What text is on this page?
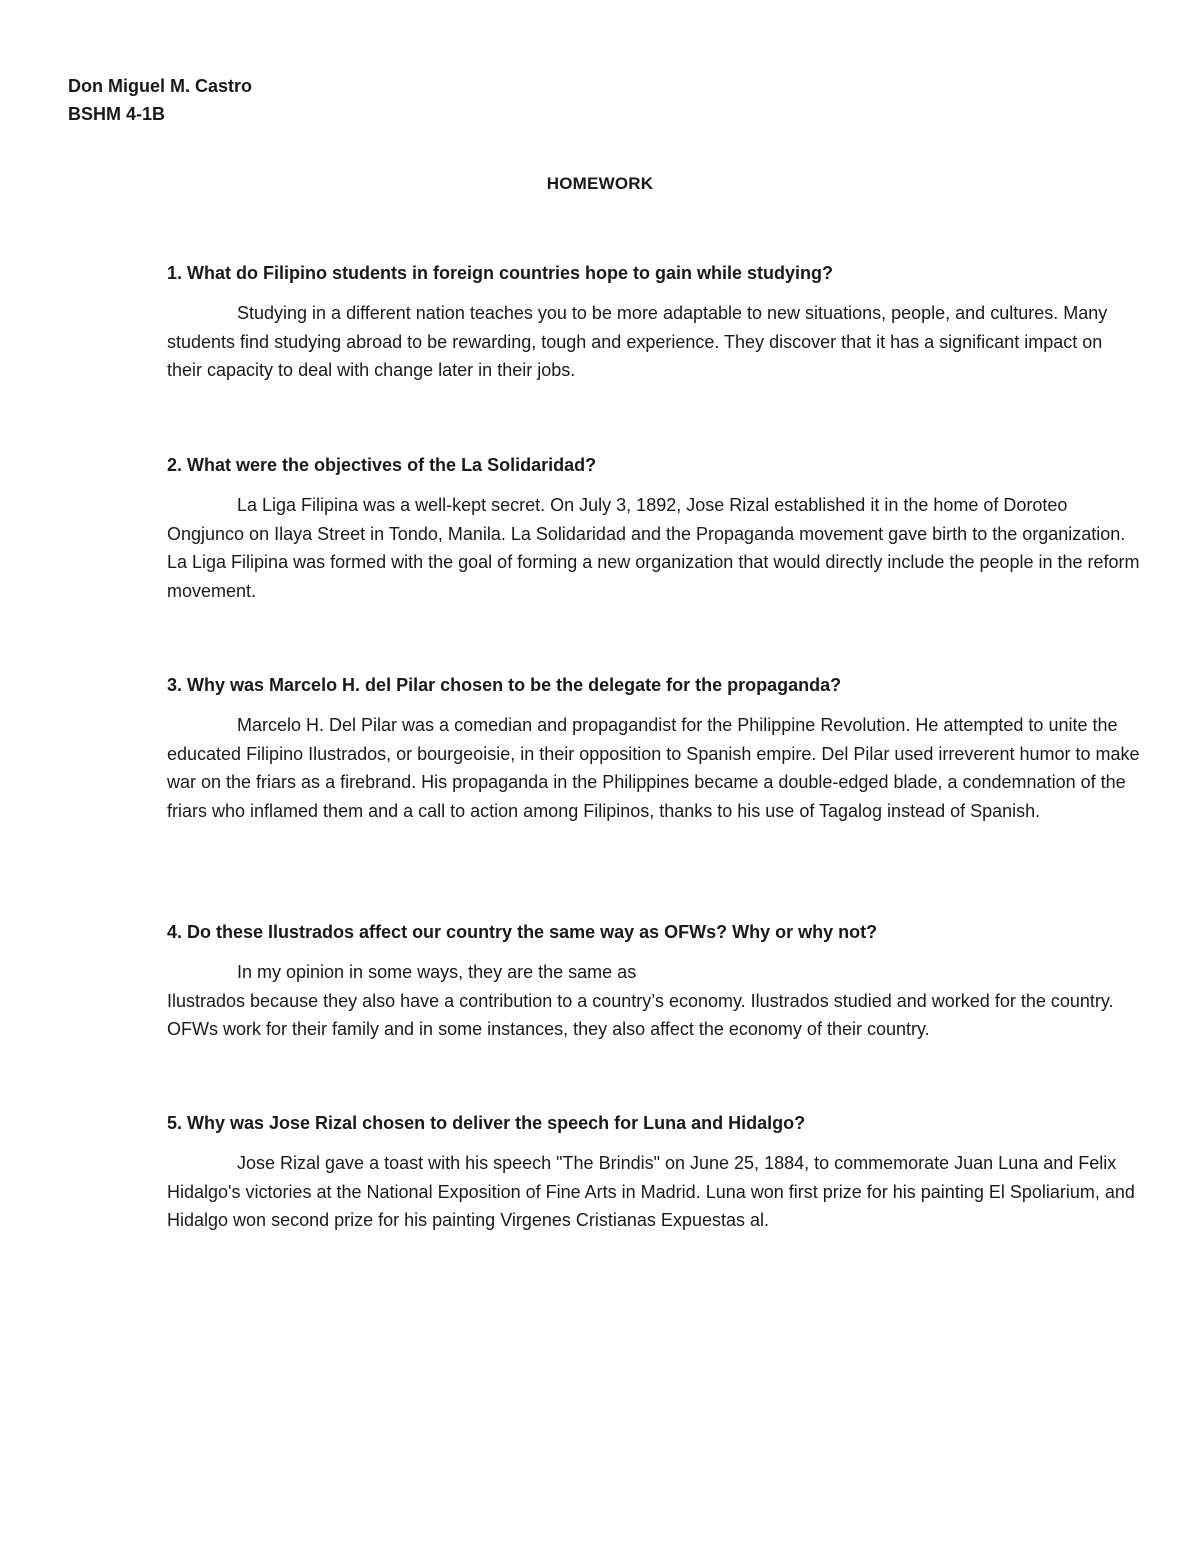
Don Miguel M. Castro
BSHM 4-1B
HOMEWORK
1. What do Filipino students in foreign countries hope to gain while studying?

Studying in a different nation teaches you to be more adaptable to new situations, people, and cultures. Many students find studying abroad to be rewarding, tough and experience. They discover that it has a significant impact on their capacity to deal with change later in their jobs.

2. What were the objectives of the La Solidaridad?

La Liga Filipina was a well-kept secret. On July 3, 1892, Jose Rizal established it in the home of Doroteo Ongjunco on Ilaya Street in Tondo, Manila. La Solidaridad and the Propaganda movement gave birth to the organization. La Liga Filipina was formed with the goal of forming a new organization that would directly include the people in the reform movement.

3. Why was Marcelo H. del Pilar chosen to be the delegate for the propaganda?

Marcelo H. Del Pilar was a comedian and propagandist for the Philippine Revolution. He attempted to unite the educated Filipino Ilustrados, or bourgeoisie, in their opposition to Spanish empire. Del Pilar used irreverent humor to make war on the friars as a firebrand. His propaganda in the Philippines became a double-edged blade, a condemnation of the friars who inflamed them and a call to action among Filipinos, thanks to his use of Tagalog instead of Spanish.

4. Do these Ilustrados affect our country the same way as OFWs? Why or why not?

In my opinion in some ways, they are the same as
Ilustrados because they also have a contribution to a country’s economy. Ilustrados studied and worked for the country. OFWs work for their family and in some instances, they also affect the economy of their country.

5. Why was Jose Rizal chosen to deliver the speech for Luna and Hidalgo?

Jose Rizal gave a toast with his speech "The Brindis" on June 25, 1884, to commemorate Juan Luna and Felix Hidalgo's victories at the National Exposition of Fine Arts in Madrid. Luna won first prize for his painting El Spoliarium, and Hidalgo won second prize for his painting Virgenes Cristianas Expuestas al.
